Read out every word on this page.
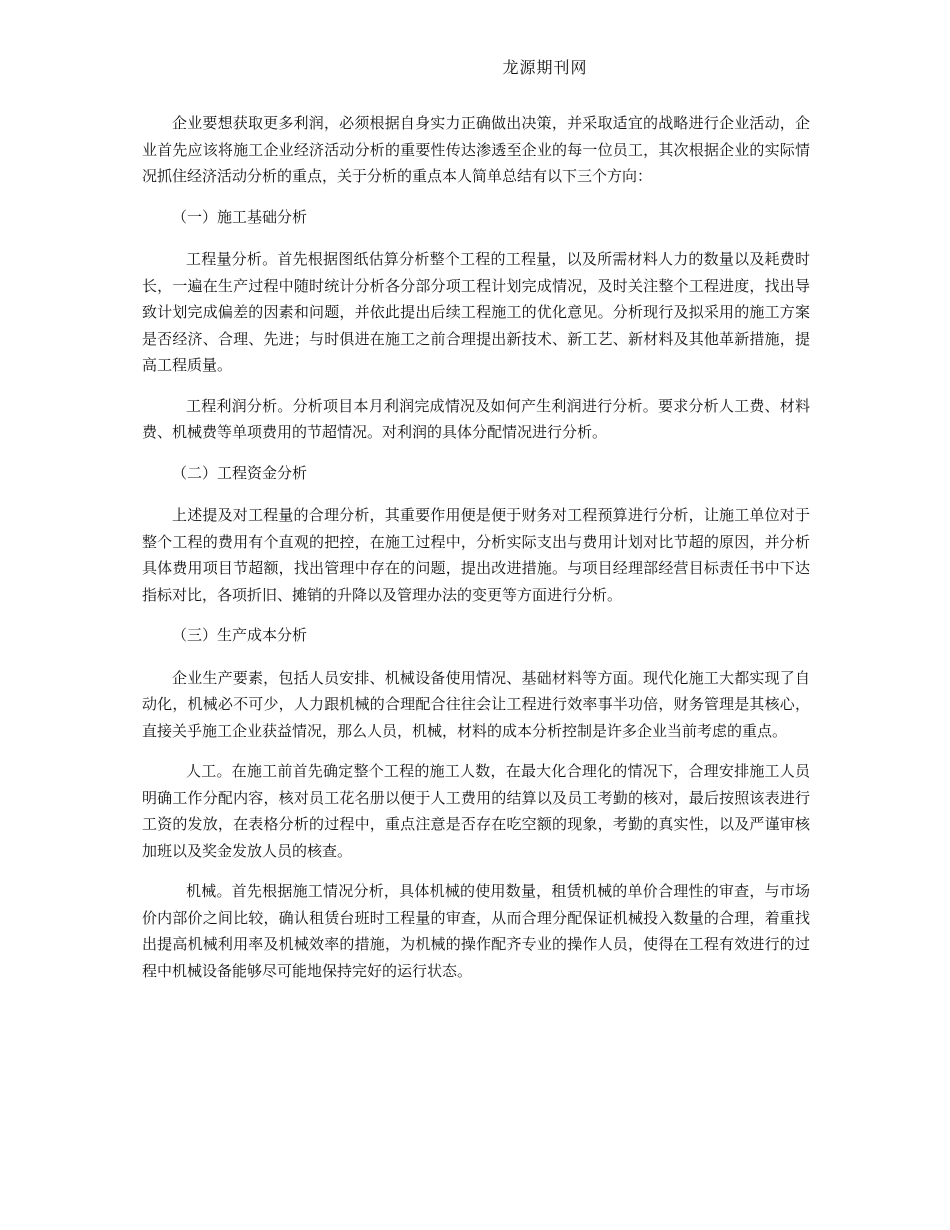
龙源期刊网

企业要想获取更多利润，必须根据自身实力正确做出决策，并采取适宜的战略进行企业活动，企业首先应该将施工企业经济活动分析的重要性传达渗透至企业的每一位员工，其次根据企业的实际情况抓住经济活动分析的重点，关于分析的重点本人简单总结有以下三个方向：

（一）施工基础分析

工程量分析。首先根据图纸估算分析整个工程的工程量，以及所需材料人力的数量以及耗费时长，一遍在生产过程中随时统计分析各分部分项工程计划完成情况，及时关注整个工程进度，找出导致计划完成偏差的因素和问题，并依此提出后续工程施工的优化意见。分析现行及拟采用的施工方案是否经济、合理、先进；与时俱进在施工之前合理提出新技术、新工艺、新材料及其他革新措施，提高工程质量。

工程利润分析。分析项目本月利润完成情况及如何产生利润进行分析。要求分析人工费、材料费、机械费等单项费用的节超情况。对利润的具体分配情况进行分析。

（二）工程资金分析

上述提及对工程量的合理分析，其重要作用便是便于财务对工程预算进行分析，让施工单位对于整个工程的费用有个直观的把控，在施工过程中，分析实际支出与费用计划对比节超的原因，并分析具体费用项目节超额，找出管理中存在的问题，提出改进措施。与项目经理部经营目标责任书中下达指标对比，各项折旧、摊销的升降以及管理办法的变更等方面进行分析。

（三）生产成本分析

企业生产要素，包括人员安排、机械设备使用情况、基础材料等方面。现代化施工大都实现了自动化，机械必不可少，人力跟机械的合理配合往往会让工程进行效率事半功倍，财务管理是其核心，直接关乎施工企业获益情况，那么人员，机械，材料的成本分析控制是许多企业当前考虑的重点。

人工。在施工前首先确定整个工程的施工人数，在最大化合理化的情况下，合理安排施工人员明确工作分配内容，核对员工花名册以便于人工费用的结算以及员工考勤的核对，最后按照该表进行工资的发放，在表格分析的过程中，重点注意是否存在吃空额的现象，考勤的真实性，以及严谨审核加班以及奖金发放人员的核查。

机械。首先根据施工情况分析，具体机械的使用数量，租赁机械的单价合理性的审查，与市场价内部价之间比较，确认租赁台班时工程量的审查，从而合理分配保证机械投入数量的合理，着重找出提高机械利用率及机械效率的措施，为机械的操作配齐专业的操作人员，使得在工程有效进行的过程中机械设备能够尽可能地保持完好的运行状态。
